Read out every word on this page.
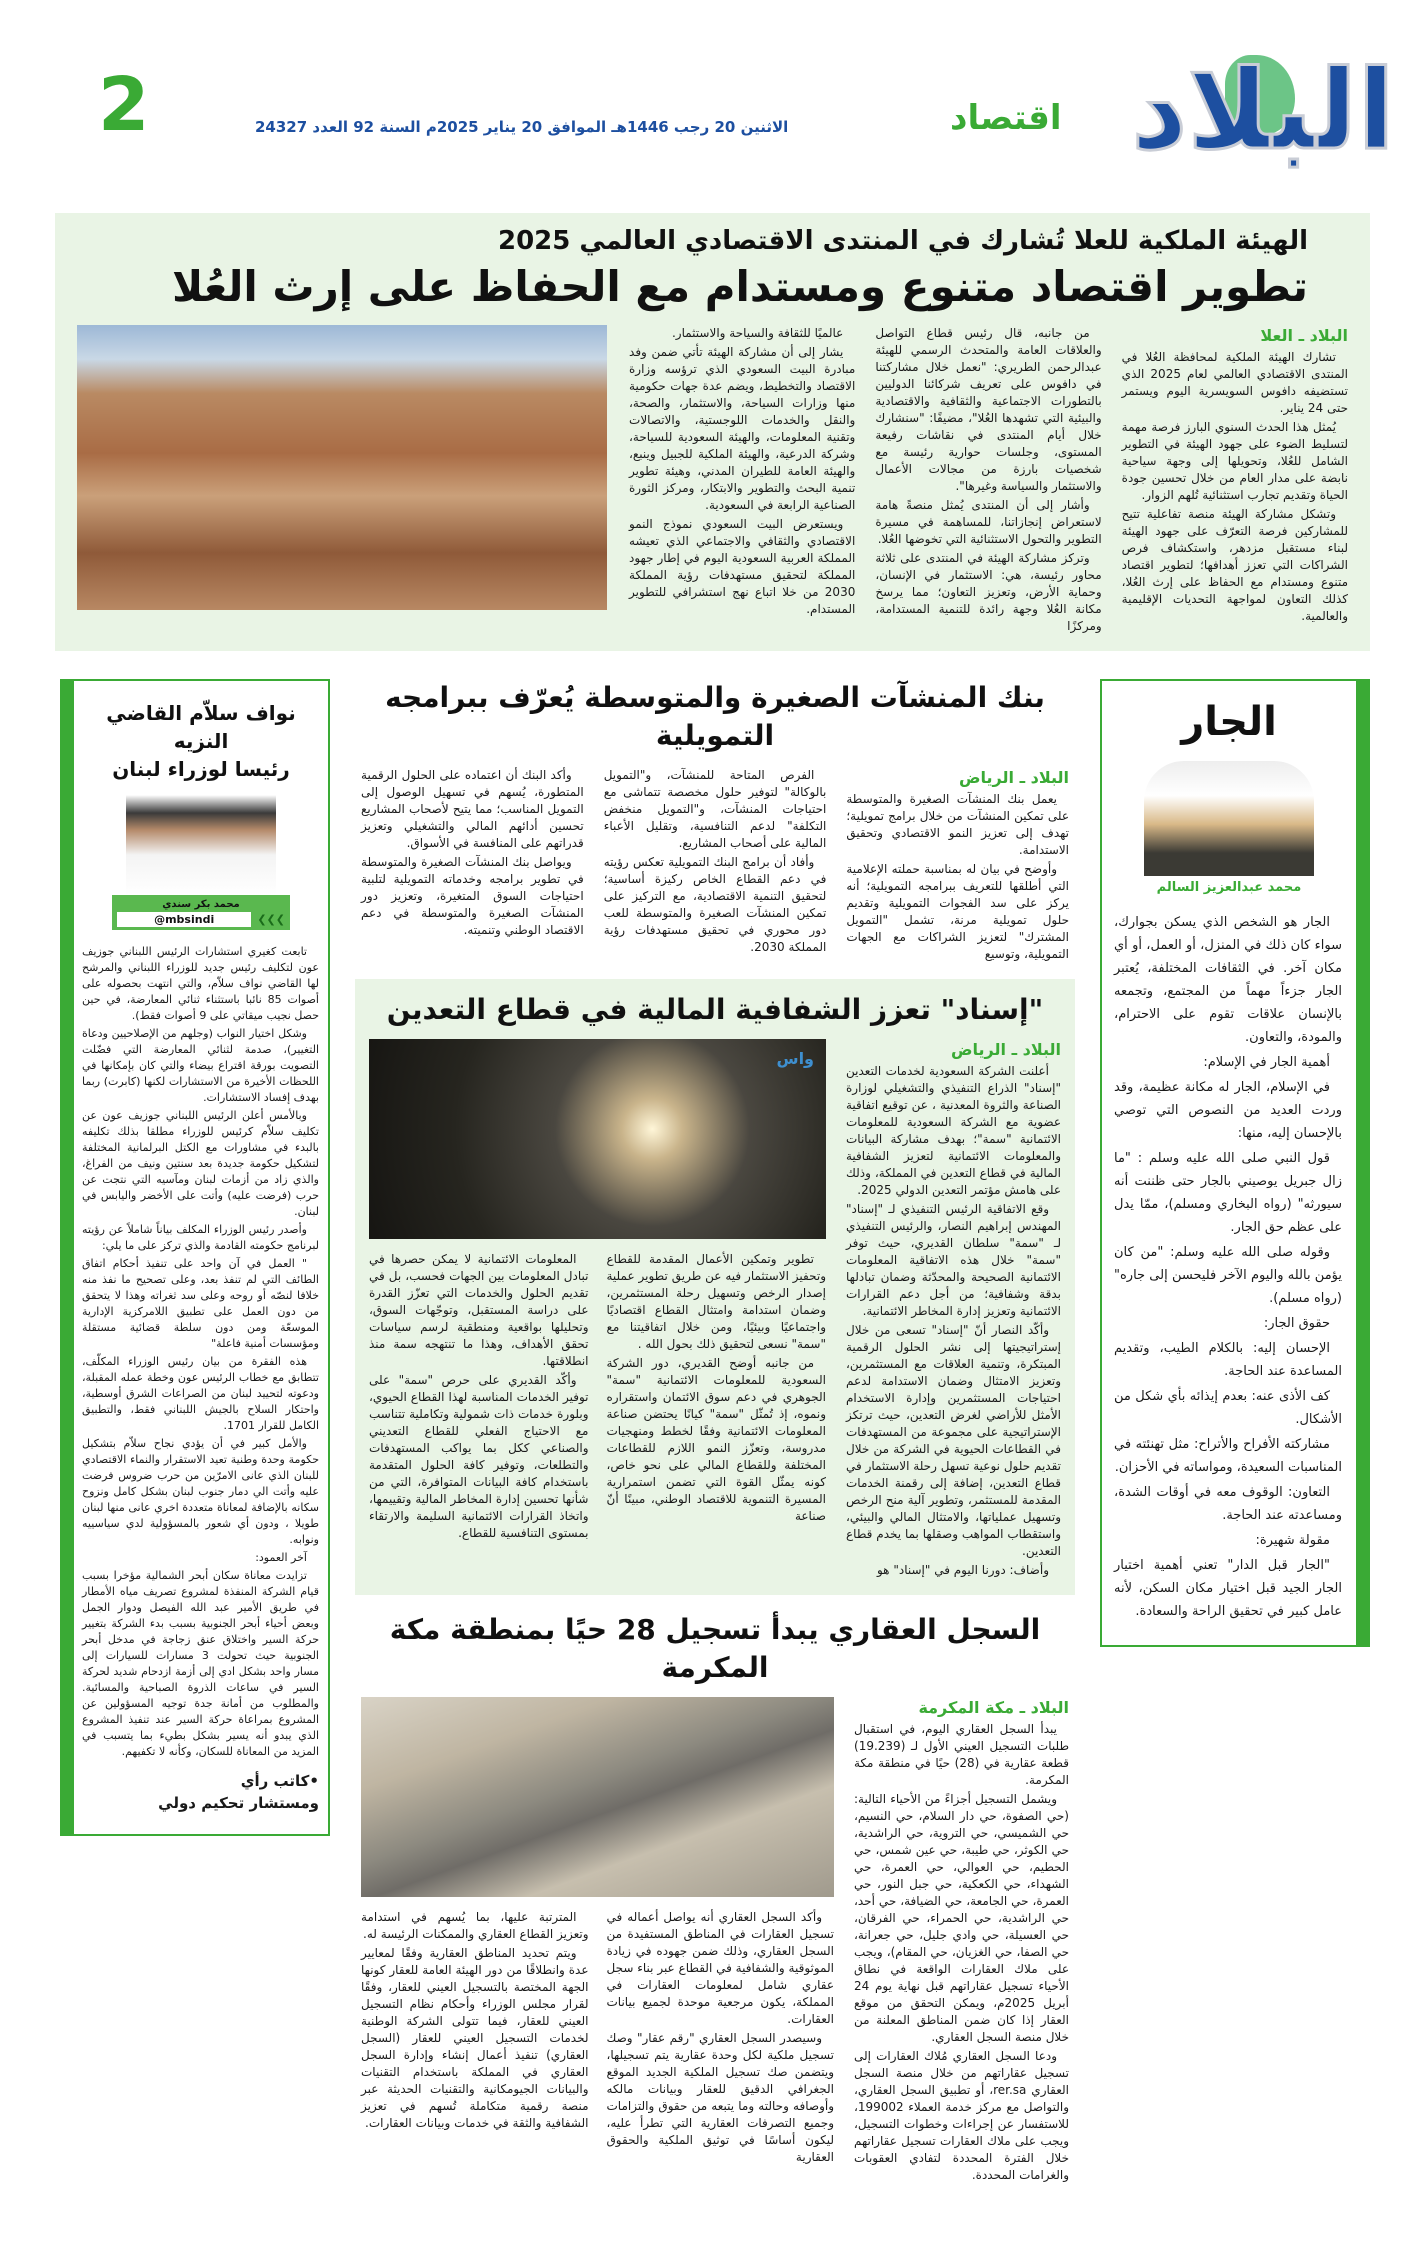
البلاد
اقتصاد
الاثنين 20 رجب 1446هـ الموافق 20 يناير 2025م السنة 92 العدد 24327
2
الهيئة الملكية للعلا تُشارك في المنتدى الاقتصادي العالمي 2025
تطوير اقتصاد متنوع ومستدام مع الحفاظ على إرث العُلا
البلاد ـ العلا

تشارك الهيئة الملكية لمحافظة العُلا في المنتدى الاقتصادي العالمي لعام 2025 الذي تستضيفه دافوس السويسرية اليوم ويستمر حتى 24 يناير.

يُمثل هذا الحدث السنوي البارز فرصة مهمة لتسليط الضوء على جهود الهيئة في التطوير الشامل للعُلا، وتحويلها إلى وجهة سياحية نابضة على مدار العام من خلال تحسين جودة الحياة وتقديم تجارب استثنائية تُلهم الزوار.

وتشكل مشاركة الهيئة منصة تفاعلية تتيح للمشاركين فرصة التعرّف على جهود الهيئة لبناء مستقبل مزدهر، واستكشاف فرص الشراكات التي تعزز أهدافها؛ لتطوير اقتصاد متنوع ومستدام مع الحفاظ على إرث العُلا، كذلك التعاون لمواجهة التحديات الإقليمية والعالمية.

من جانبه، قال رئيس قطاع التواصل والعلاقات العامة والمتحدث الرسمي للهيئة عبدالرحمن الطريري: "نعمل خلال مشاركتنا في دافوس على تعريف شركائنا الدوليين بالتطورات الاجتماعية والثقافية والاقتصادية والبيئية التي تشهدها العُلا"، مضيفًا: "سنشارك خلال أيام المنتدى في نقاشات رفيعة المستوى، وجلسات حوارية رئيسة مع شخصيات بارزة من مجالات الأعمال والاستثمار والسياسة وغيرها".

وأشار إلى أن المنتدى يُمثل منصةً هامة لاستعراض إنجازاتنا، للمساهمة في مسيرة التطوير والتحول الاستثنائية التي تخوضها العُلا.

وتركز مشاركة الهيئة في المنتدى على ثلاثة محاور رئيسة، هي: الاستثمار في الإنسان، وحماية الأرض، وتعزيز التعاون؛ مما يرسخ مكانة العُلا وجهة رائدة للتنمية المستدامة، ومركزًا

عالميًا للثقافة والسياحة والاستثمار.

يشار إلى أن مشاركة الهيئة تأتي ضمن وفد مبادرة البيت السعودي الذي ترؤسه وزارة الاقتصاد والتخطيط، ويضم عدة جهات حكومية منها وزارات السياحة، والاستثمار، والصحة، والنقل والخدمات اللوجستية، والاتصالات وتقنية المعلومات، والهيئة السعودية للسياحة، وشركة الدرعية، والهيئة الملكية للجبيل وينبع، والهيئة العامة للطيران المدني، وهيئة تطوير تنمية البحث والتطوير والابتكار، ومركز الثورة الصناعية الرابعة في السعودية.

ويستعرض البيت السعودي نموذج النمو الاقتصادي والثقافي والاجتماعي الذي تعيشه المملكة العربية السعودية اليوم في إطار جهود المملكة لتحقيق مستهدفات رؤية المملكة 2030 من خلا اتباع نهج استشرافي للتطوير المستدام.

الجار
محمد عبدالعزيز السالم

الجار هو الشخص الذي يسكن بجوارك، سواء كان ذلك في المنزل، أو العمل، أو أي مكان آخر. في الثقافات المختلفة، يُعتبر الجار جزءاً مهماً من المجتمع، وتجمعه بالإنسان علاقات تقوم على الاحترام، والمودة، والتعاون.

أهمية الجار في الإسلام:

في الإسلام، الجار له مكانة عظيمة، وقد وردت العديد من النصوص التي توصي بالإحسان إليه، منها:

قول النبي صلى الله عليه وسلم : "ما زال جبريل يوصيني بالجار حتى ظننت أنه سيورثه" (رواه البخاري ومسلم)، ممّا يدل على عظم حق الجار.

وقوله صلى الله عليه وسلم: "من كان يؤمن بالله واليوم الآخر فليحسن إلى جاره" (رواه مسلم).

حقوق الجار:

الإحسان إليه: بالكلام الطيب، وتقديم المساعدة عند الحاجة.

كف الأذى عنه: بعدم إيذائه بأي شكل من الأشكال.

مشاركته الأفراح والأتراح: مثل تهنئته في المناسبات السعيدة، ومواساته في الأحزان.

التعاون: الوقوف معه في أوقات الشدة، ومساعدته عند الحاجة.

مقولة شهيرة:

"الجار قبل الدار" تعني أهمية اختيار الجار الجيد قبل اختيار مكان السكن، لأنه عامل كبير في تحقيق الراحة والسعادة.

بنك المنشآت الصغيرة والمتوسطة يُعرّف ببرامجه التمويلية
البلاد ـ الرياض

يعمل بنك المنشآت الصغيرة والمتوسطة على تمكين المنشآت من خلال برامج تمويلية؛ تهدف إلى تعزيز النمو الاقتصادي وتحقيق الاستدامة.

وأوضح في بيان له بمناسبة حملته الإعلامية التي أطلقها للتعريف ببرامجه التمويلية؛ أنه يركز على سد الفجوات التمويلية وتقديم حلول تمويلية مرنة، تشمل "التمويل المشترك" لتعزيز الشراكات مع الجهات التمويلية، وتوسيع

الفرص المتاحة للمنشآت، و"التمويل بالوكالة" لتوفير حلول مخصصة تتماشى مع احتياجات المنشآت، و"التمويل منخفض التكلفة" لدعم التنافسية، وتقليل الأعباء المالية على أصحاب المشاريع.

وأفاد أن برامج البنك التمويلية تعكس رؤيته في دعم القطاع الخاص ركيزة أساسية؛ لتحقيق التنمية الاقتصادية، مع التركيز على تمكين المنشآت الصغيرة والمتوسطة للعب دور محوري في تحقيق مستهدفات رؤية المملكة 2030.

وأكد البنك أن اعتماده على الحلول الرقمية المتطورة، يُسهم في تسهيل الوصول إلى التمويل المناسب؛ مما يتيح لأصحاب المشاريع تحسين أدائهم المالي والتشغيلي وتعزيز قدراتهم على المنافسة في الأسواق.

ويواصل بنك المنشآت الصغيرة والمتوسطة في تطوير برامجه وخدماته التمويلية لتلبية احتياجات السوق المتغيرة، وتعزيز دور المنشآت الصغيرة والمتوسطة في دعم الاقتصاد الوطني وتنميته.

"إسناد" تعزز الشفافية المالية في قطاع التعدين
البلاد ـ الرياض

أعلنت الشركة السعودية لخدمات التعدين "إسناد" الذراع التنفيذي والتشغيلي لوزارة الصناعة والثروة المعدنية ، عن توقيع اتفاقية عضوية مع الشركة السعودية للمعلومات الائتمانية "سمة"؛ بهدف مشاركة البيانات والمعلومات الائتمانية لتعزيز الشفافية المالية في قطاع التعدين في المملكة، وذلك على هامش مؤتمر التعدين الدولي 2025.

وقع الاتفاقية الرئيس التنفيذي لـ "إسناد" المهندس إبراهيم النصار، والرئيس التنفيذي لـ "سمة" سلطان القديري، حيث توفر "سمة" خلال هذه الاتفاقية المعلومات الائتمانية الصحيحة والمحدّثة وضمان تبادلها بدقة وشفافية؛ من أجل دعم القرارات الائتمانية وتعزيز إدارة المخاطر الائتمانية.

وأكّد النصار أنّ "إسناد" تسعى من خلال إستراتيجيتها إلى نشر الحلول الرقمية المبتكرة، وتنمية العلاقات مع المستثمرين، وتعزيز الامتثال وضمان الاستدامة لدعم احتياجات المستثمرين وإدارة الاستخدام الأمثل للأراضي لغرض التعدين، حيث ترتكز الإستراتيجية على مجموعة من المستهدفات في القطاعات الحيوية في الشركة من خلال تقديم حلول نوعية تسهل رحلة الاستثمار في قطاع التعدين، إضافة إلى رقمنة الخدمات المقدمة للمستثمر، وتطوير آلية منح الرخص وتسهيل عملياتها، والامتثال المالي والبيئي، واستقطاب المواهب وصقلها بما يخدم قطاع التعدين.

وأضاف: دورنا اليوم في "إسناد" هو

واس

تطوير وتمكين الأعمال المقدمة للقطاع وتحفيز الاستثمار فيه عن طريق تطوير عملية إصدار الرخص وتسهيل رحلة المستثمرين، وضمان استدامة وامتثال القطاع اقتصاديًا واجتماعيًا وبيئيًا، ومن خلال اتفاقيتنا مع "سمة" نسعى لتحقيق ذلك بحول الله .

من جانبه أوضح القديري، دور الشركة السعودية للمعلومات الائتمانية "سمة" الجوهري في دعم سوق الائتمان واستقراره ونموه، إذ تُمثّل "سمة" كيانًا يحتضن صناعة المعلومات الائتمانية وفقًا لخطط ومنهجيات مدروسة، وتعزّز النمو اللازم للقطاعات المختلفة وللقطاع المالي على نحو خاص، كونه يمثّل القوة التي تضمن استمرارية المسيرة التنموية للاقتصاد الوطني، مبينًا أنّ صناعة

المعلومات الائتمانية لا يمكن حصرها في تبادل المعلومات بين الجهات فحسب، بل في تقديم الحلول والخدمات التي تعزّز القدرة على دراسة المستقبل، وتوجّهات السوق، وتحليلها بواقعية ومنطقية لرسم سياسات تحقق الأهداف، وهذا ما تنتهجه سمة منذ انطلاقتها.

وأكّد القديري على حرص "سمة" على توفير الخدمات المناسبة لهذا القطاع الحيوي، وبلورة خدمات ذات شمولية وتكاملية تتناسب مع الاحتياج الفعلي للقطاع التعديني والصناعي ككل بما يواكب المستهدفات والتطلعات، وتوفير كافة الحلول المتقدمة باستخدام كافة البيانات المتوافرة، التي من شأنها تحسين إدارة المخاطر المالية وتقييمها، واتخاذ القرارات الائتمانية السليمة والارتقاء بمستوى التنافسية للقطاع.

السجل العقاري يبدأ تسجيل 28 حيًا بمنطقة مكة المكرمة
البلاد ـ مكة المكرمة

يبدأ السجل العقاري اليوم، في استقبال طلبات التسجيل العيني الأول لـ (19.239) قطعة عقارية في (28) حيًا في منطقة مكة المكرمة.

ويشمل التسجيل أجزاءً من الأحياء التالية: (حي الصفوة، حي دار السلام، حي النسيم، حي الشميسي، حي التروية، حي الراشدية، حي الكوثر، حي طيبة، حي عين شمس، حي الحطيم، حي العوالي، حي العمرة، حي الشهداء، حي الكعكية، حي جبل النور، حي العمرة، حي الجامعة، حي الضيافة، حي أحد، حي الراشدية، حي الحمراء، حي الفرقان، حي العسيلة، حي وادي جليل، حي جعرانة، حي الصفا، حي الغزيان، حي المقام)، ويجب على ملاك العقارات الواقعة في نطاق الأحياء تسجيل عقاراتهم قبل نهاية يوم 24 أبريل 2025م، ويمكن التحقق من موقع العقار إذا كان ضمن المناطق المعلنة من خلال منصة السجل العقاري.

ودعا السجل العقاري مُلاك العقارات إلى تسجيل عقاراتهم من خلال منصة السجل العقاري rer.sa، أو تطبيق السجل العقاري، والتواصل مع مركز خدمة العملاء 199002، للاستفسار عن إجراءات وخطوات التسجيل، ويجب على ملاك العقارات تسجيل عقاراتهم خلال الفترة المحددة لتفادي العقوبات والغرامات المحددة.

وأكد السجل العقاري أنه يواصل أعماله في تسجيل العقارات في المناطق المستفيدة من السجل العقاري، وذلك ضمن جهوده في زيادة الموثوقية والشفافية في القطاع عبر بناء سجل عقاري شامل لمعلومات العقارات في المملكة، يكون مرجعية موحدة لجميع بيانات العقارات.

وسيصدر السجل العقاري "رقم عقار" وصك تسجيل ملكية لكل وحدة عقارية يتم تسجيلها، ويتضمن صك تسجيل الملكية الجديد الموقع الجغرافي الدقيق للعقار وبيانات مالكه وأوصافه وحالته وما يتبعه من حقوق والتزامات وجميع التصرفات العقارية التي تطرأ عليه، ليكون أساسًا في توثيق الملكية والحقوق العقارية

المترتبة عليها، بما يُسهم في استدامة وتعزيز القطاع العقاري والممكنات الرئيسة له.

ويتم تحديد المناطق العقارية وفقًا لمعايير عدة وانطلاقًا من دور الهيئة العامة للعقار كونها الجهة المختصة بالتسجيل العيني للعقار، وفقًا لقرار مجلس الوزراء وأحكام نظام التسجيل العيني للعقار، فيما تتولى الشركة الوطنية لخدمات التسجيل العيني للعقار (السجل العقاري) تنفيذ أعمال إنشاء وإدارة السجل العقاري في المملكة باستخدام التقنيات والبيانات الجيومكانية والتقنيات الحديثة عبر منصة رقمية متكاملة تُسهم في تعزيز الشفافية والثقة في خدمات وبيانات العقارات.

نواف سلاّم القاضي النزيه
رئيسا لوزراء لبنان
محمد بكر سندي
@mbsindi	❮❮❮

تابعت كغيري استشارات الرئيس اللبناني جوزيف عون لتكليف رئيس جديد للوزراء اللبناني والمرشح لها القاضي نواف سلاّم، والتي انتهت بحصوله على أصوات 85 نائبا باستثناء ثنائي المعارضة، في حين حصل نجيب ميقاتي على 9 أصوات فقط).

وشكل اختيار النواب (وجلهم من الإصلاحيين ودعاة التغيير)، صدمة لثنائي المعارضة التي فضّلت التصويت بورقة اقتراع بيضاء والتي كان بإمكانها في اللحظات الأخيرة من الاستشارات لكنها (كابرت) ربما بهدف إفساد الاستشارات.

وبالأمس أعلن الرئيس اللبناني جوزيف عون عن تكليف سلاّم كرئيس للوزراء مطلقا بذلك تكليفه بالبدء في مشاورات مع الكتل البرلمانية المختلفة لتشكيل حكومة جديدة بعد سنتين ونيف من الفراغ، والذي زاد من أزمات لبنان ومآسيه التي نتجت عن حرب (فرضت عليه) وأتت على الأخضر واليابس في لبنان.

وأصدر رئيس الوزراء المكلف بياناً شاملاً عن رؤيته لبرنامج حكومته القادمة والذي تركز على ما يلي:

" العمل في آن واحد على تنفيذ أحكام اتفاق الطائف التي لم تنفذ بعد، وعلى تصحيح ما نفذ منه خلافا لنصّه أو روحه وعلى سد ثغراته وهذا لا يتحقق من دون العمل على تطبيق اللامركزية الإدارية الموسعّة ومن دون سلطة قضائية مستقلة ومؤسسات أمنية فاعلة"

هذه الفقرة من بيان رئيس الوزراء المكلّف، تتطابق مع خطاب الرئيس عون وخطة عمله المقبلة، ودعوته لتحييد لبنان من الصراعات الشرق أوسطية، واحتكار السلاح بالجيش اللبناني فقط، والتطبيق الكامل للقرار 1701.

والأمل كبير في أن يؤدي نجاح سلاّم بتشكيل حكومة وحدة وطنية تعيد الاستقرار والنماء الاقتصادي للبنان الذي عانى الامرّين من حرب ضروس فرضت عليه وأتت الي دمار جنوب لبنان بشكل كامل ونزوح سكانه بالإضافة لمعاناة متعددة اخري عانى منها لبنان طويلا ، ودون أي شعور بالمسؤولية لدي سياسييه ونوابه.

آخر العمود:

تزايدت معاناة سكان أبحر الشمالية مؤخرا بسبب قيام الشركة المنفذة لمشروع تصريف مياه الأمطار في طريق الأمير عبد الله الفيصل ودوار الجمل وبعض أحياء أبحر الجنوبية بسبب بدء الشركة بتغيير حركة السير واختلاق عنق زجاجة في مدخل أبحر الجنوبية حيث تحولت 3 مسارات للسيارات إلى مسار واحد بشكل ادي إلى أزمة ازدحام شديد لحركة السير في ساعات الذروة الصباحية والمسائية. والمطلوب من أمانة جدة توجيه المسؤولين عن المشروع بمراعاة حركة السير عند تنفيذ المشروع الذي يبدو أنه يسير بشكل بطيء بما يتسبب في المزيد من المعاناة للسكان، وكأنه لا تكفيهم.

•كاتب رأي
ومستشار تحكيم دولي
